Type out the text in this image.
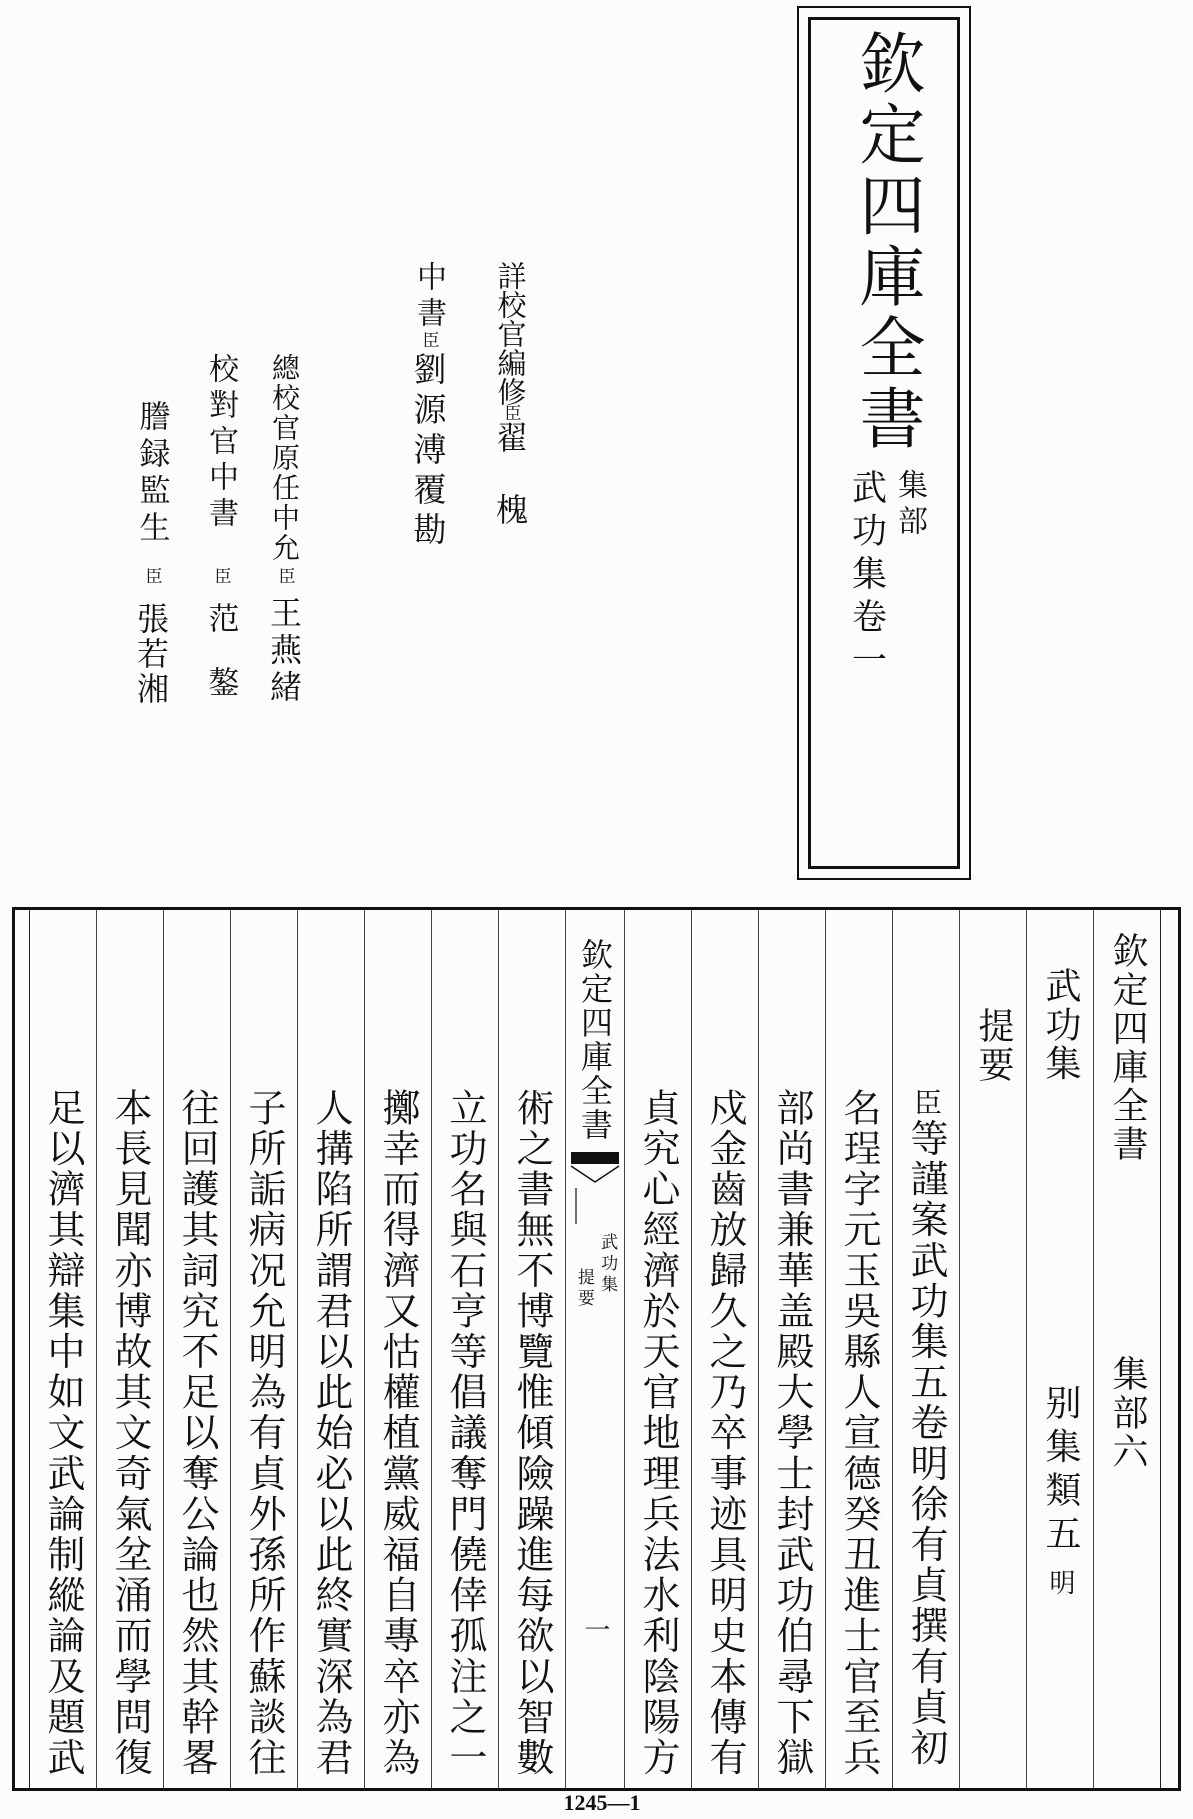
欽定四庫全書
集部
武功集卷一
詳校官編修
臣
翟　槐
中書
臣
劉源溥覆勘
總校官原任中允
臣
王燕緒
校對官中書
臣
范　鏊
謄録監生
臣
張若湘
欽定四庫全書
集部六
武功集
别集類五
明
提要
臣等謹案武功集五卷明徐有貞撰有貞初
名珵字元玉吳縣人宣德癸丑進士官至兵
部尚書兼華盖殿大學士封武功伯尋下獄
戍金齒放歸久之乃卒事迹具明史本傳有
貞究心經濟於天官地理兵法水利陰陽方
欽定四庫全書
武功集
提要
一
術之書無不博覽惟傾險躁進每欲以智數
立功名與石亨等倡議奪門僥倖孤注之一
擲幸而得濟又怙權植黨威福自專卒亦為
人搆陷所謂君以此始必以此終實深為君
子所詬病况允明為有貞外孫所作蘇談往
往回護其詞究不足以奪公論也然其幹畧
本長見聞亦博故其文奇氣坌涌而學問復
足以濟其辯集中如文武論制縱論及題武
1245—1
